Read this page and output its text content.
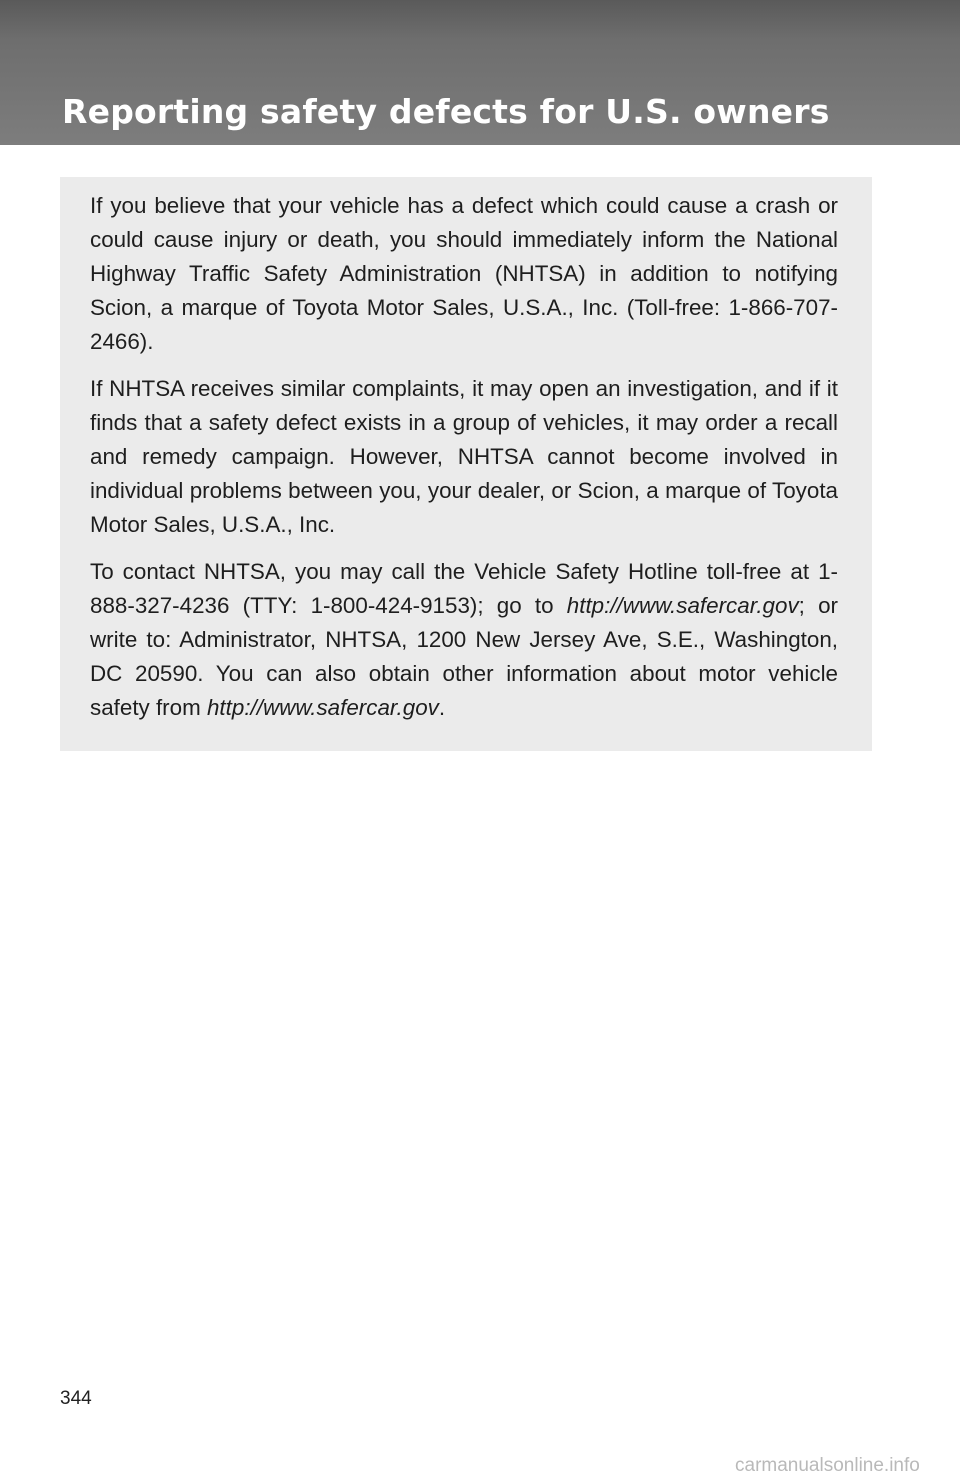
Reporting safety defects for U.S. owners

If you believe that your vehicle has a defect which could cause a crash or could cause injury or death, you should immediately inform the National Highway Traffic Safety Administration (NHTSA) in addition to notifying Scion, a marque of Toyota Motor Sales, U.S.A., Inc. (Toll-free: 1-866-707-2466).

If NHTSA receives similar complaints, it may open an investigation, and if it finds that a safety defect exists in a group of vehicles, it may order a recall and remedy campaign. However, NHTSA cannot become involved in individual problems between you, your dealer, or Scion, a marque of Toyota Motor Sales, U.S.A., Inc.

To contact NHTSA, you may call the Vehicle Safety Hotline toll-free at 1-888-327-4236 (TTY: 1-800-424-9153); go to http://www.safercar.gov; or write to: Administrator, NHTSA, 1200 New Jersey Ave, S.E., Washington, DC 20590. You can also obtain other information about motor vehicle safety from http://www.safercar.gov.

344
carmanualsonline.info
